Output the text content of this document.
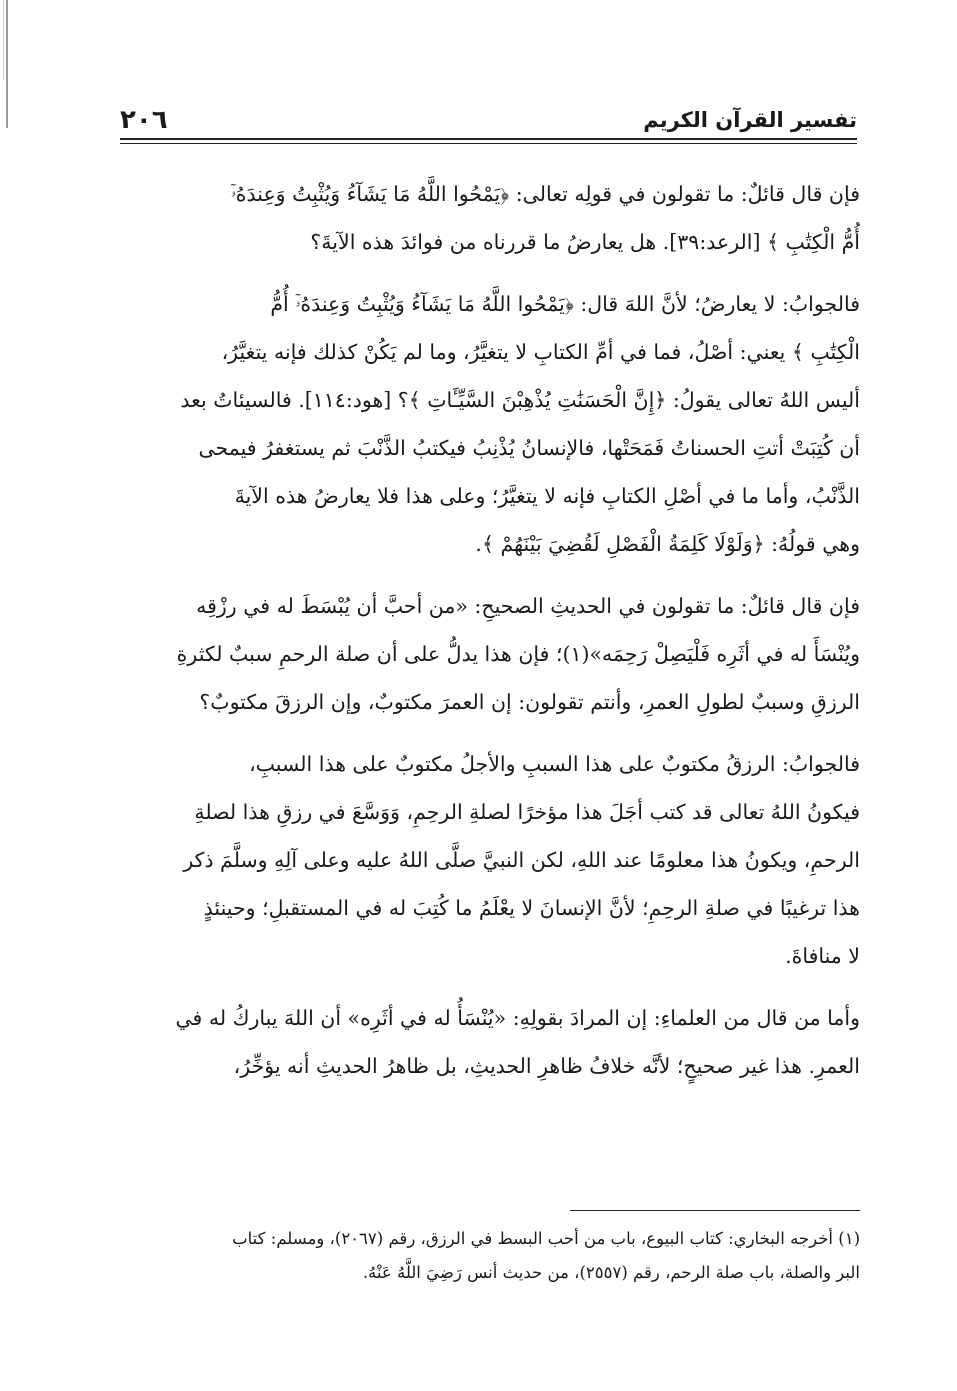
٢٠٦	تفسير القرآن الكريم

فإن قال قائلٌ: ما تقولون في قولِه تعالى: ﴿يَمْحُوا اللَّهُ مَا يَشَآءُ وَيُثْبِتُ وَعِندَهُۥٓ

أُمُّ الْكِتَٰبِ ﴾ [الرعد:٣٩]. هل يعارضُ ما قررناه من فوائدَ هذه الآيةَ؟

فالجوابُ: لا يعارضُ؛ لأنَّ اللهَ قال: ﴿يَمْحُوا اللَّهُ مَا يَشَآءُ وَيُثْبِتُ وَعِندَهُۥٓ أُمُّ

الْكِتَٰبِ ﴾ يعني: أصْلُ، فما في أمِّ الكتابِ لا يتغيَّرُ، وما لم يَكُنْ كذلك فإنه يتغيَّرُ،

أليس اللهُ تعالى يقولُ: ﴿إِنَّ الْحَسَنَٰتِ يُذْهِبْنَ السَّيِّـَٔاتِ ﴾؟ [هود:١١٤]. فالسيئاتُ بعد

أن كُتِبَتْ أتتِ الحسناتُ فَمَحَتْها، فالإنسانُ يُذْنِبُ فيكتبُ الذَّنْبَ ثم يستغفرُ فيمحى

الذَّنْبُ، وأما ما في أصْلِ الكتابِ فإنه لا يتغيَّرُ؛ وعلى هذا فلا يعارضُ هذه الآيةَ

وهي قولُهُ: ﴿وَلَوْلَا كَلِمَةُ الْفَصْلِ لَقُضِيَ بَيْنَهُمْ ﴾.

فإن قال قائلٌ: ما تقولون في الحديثِ الصحيحِ: «من أحبَّ أن يُبْسَطَ له في رزْقِه

ويُنْسَأَ له في أثَرِه فَلْيَصِلْ رَحِمَه»(١)؛ فإن هذا يدلُّ على أن صلة الرحمِ سببٌ لكثرةِ

الرزقِ وسببٌ لطولِ العمرِ، وأنتم تقولون: إن العمرَ مكتوبٌ، وإن الرزقَ مكتوبٌ؟

فالجوابُ: الرزقُ مكتوبٌ على هذا السببِ والأجلُ مكتوبٌ على هذا السببِ،

فيكونُ اللهُ تعالى قد كتب أجَلَ هذا مؤخرًا لصلةِ الرحِمِ، وَوَسَّعَ في رزقِ هذا لصلةِ

الرحمِ، ويكونُ هذا معلومًا عند اللهِ، لكن النبيَّ صلَّى اللهُ عليه وعلى آلِهِ وسلَّمَ ذكر

هذا ترغيبًا في صلةِ الرحِمِ؛ لأنَّ الإنسانَ لا يعْلَمُ ما كُتِبَ له في المستقبلِ؛ وحينئذٍ

لا منافاةَ.

وأما من قال من العلماءِ: إن المرادَ بقولِهِ: «يُنْسَأُ له في أثَرِه» أن اللهَ يباركُ له في

العمرِ. هذا غير صحيحٍ؛ لأنَّه خلافُ ظاهرِ الحديثِ، بل ظاهرُ الحديثِ أنه يؤخِّرُ،

(١) أخرجه البخاري: كتاب البيوع، باب من أحب البسط في الرزق، رقم (٢٠٦٧)، ومسلم: كتاب
البر والصلة، باب صلة الرحم، رقم (٢٥٥٧)، من حديث أنس رَضِيَ اللَّهُ عَنْهُ.
